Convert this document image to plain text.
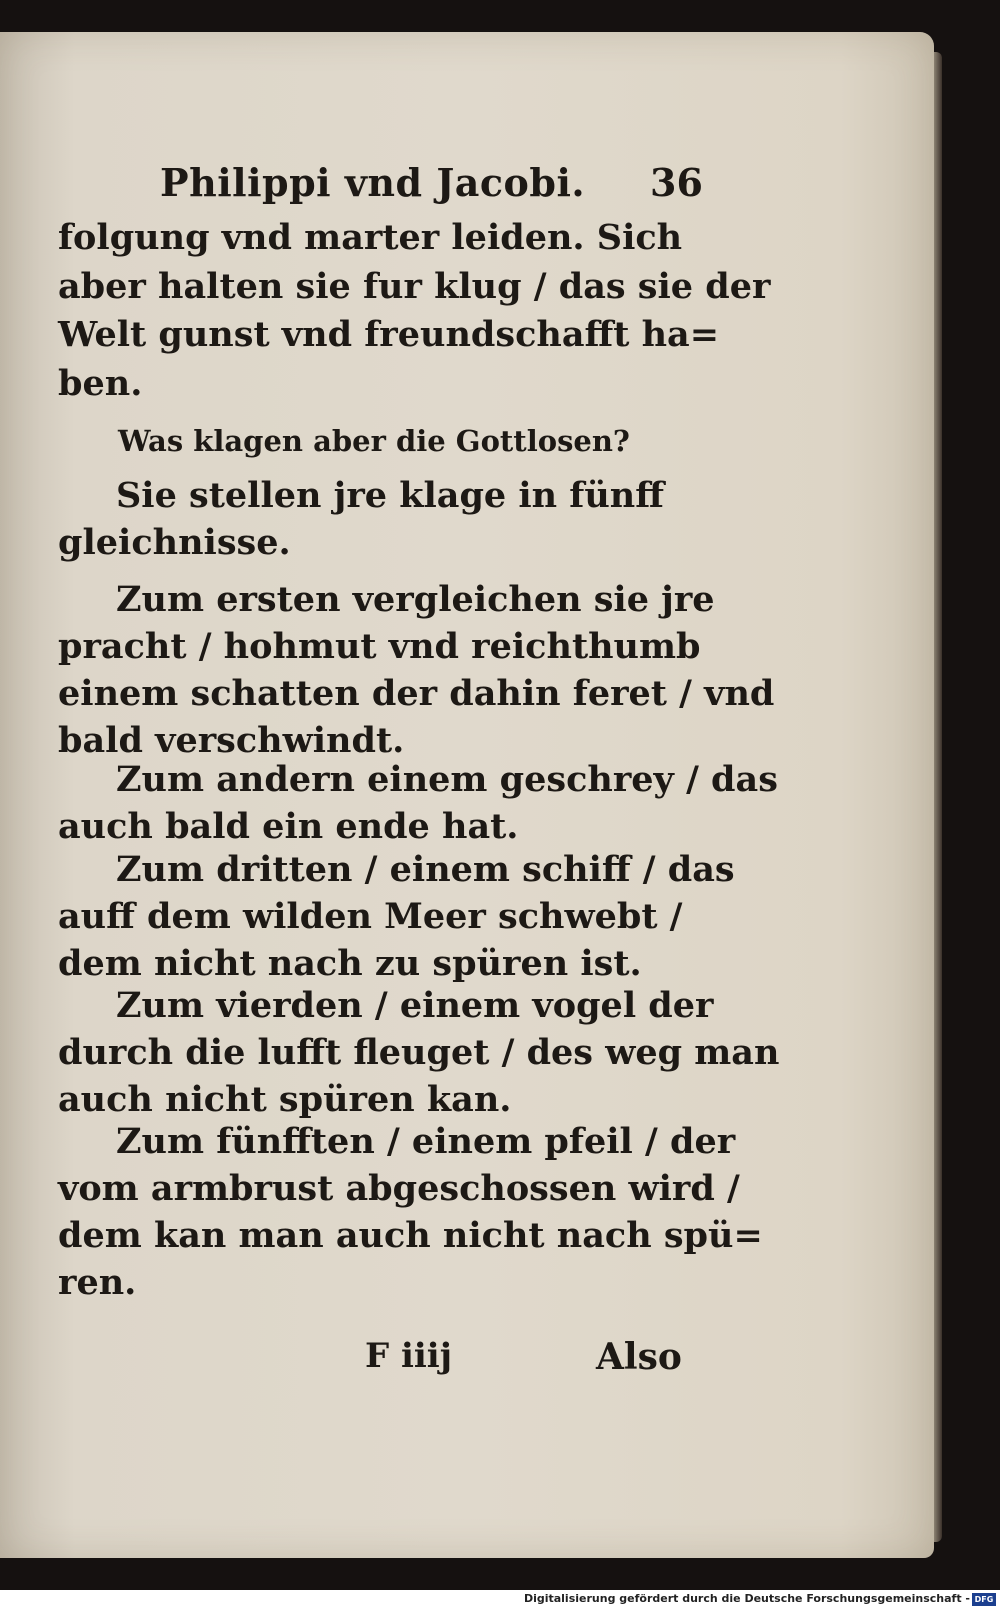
Philippi vnd Jacobi. 36
folgung vnd marter leiden. Sich
aber halten sie fur klug / das sie der
Welt gunst vnd freundschafft ha=
ben.
Was klagen aber die Gottlosen?
Sie stellen jre klage in fünff
gleichnisse.
Zum ersten vergleichen sie jre
pracht / hohmut vnd reichthumb
einem schatten der dahin feret / vnd
bald verschwindt.
Zum andern einem geschrey / das
auch bald ein ende hat.
Zum dritten / einem schiff / das
auff dem wilden Meer schwebt /
dem nicht nach zu spüren ist.
Zum vierden / einem vogel der
durch die lufft fleuget / des weg man
auch nicht spüren kan.
Zum fünfften / einem pfeil / der
vom armbrust abgeschossen wird /
dem kan man auch nicht nach spü=
ren.
F iiij	Also
Digitalisierung gefördert durch die Deutsche Forschungsgemeinschaft - DFG
